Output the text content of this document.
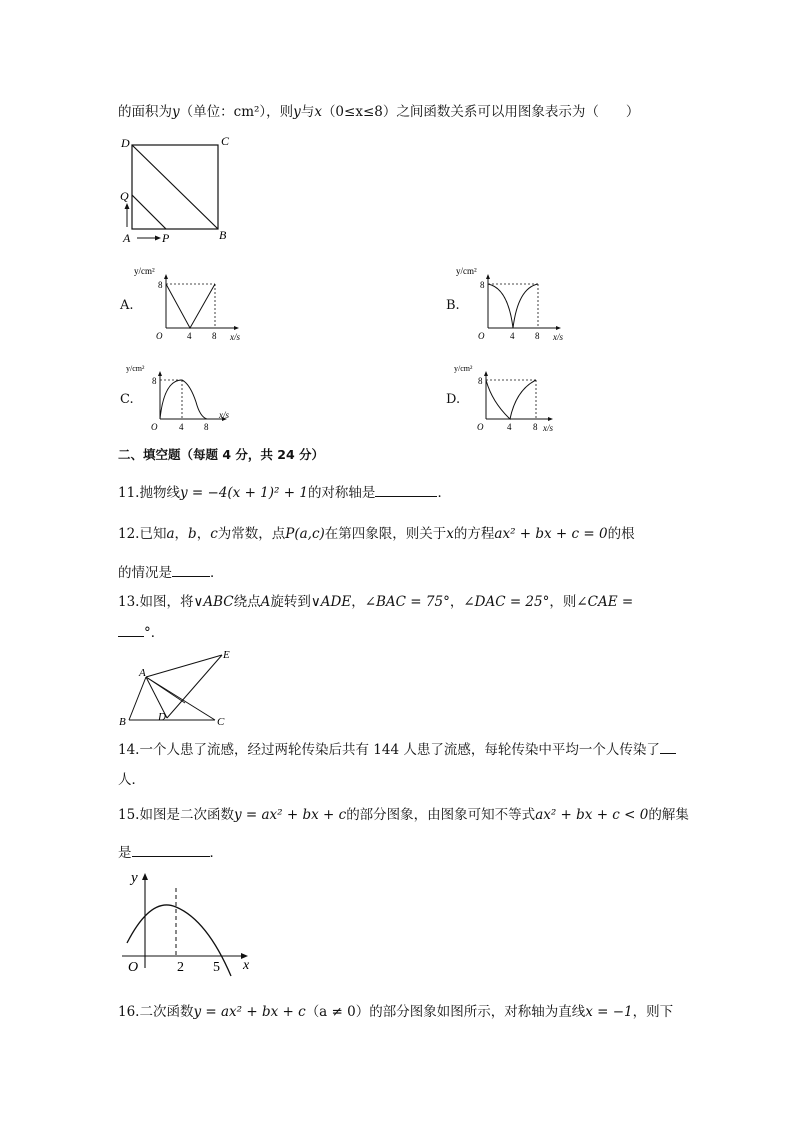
的面积为y（单位：cm²），则y与x（0≤x≤8）之间函数关系可以用图象表示为（　　）
D	C
Q
A	P	B
A.
y/cm²
8
O	4 8 x/s
B.
y/cm²
8
O	4 8 x/s
C.
y/cm²
8
O 4 8
x/s
D.
y/cm²
8
O	4 8 x/s
二、填空题（每题 4 分，共 24 分）
11.抛物线y = −4(x + 1)² + 1的对称轴是	．
12.已知a，b，c为常数，点P(a,c)在第四象限，则关于x的方程ax² + bx + c = 0的根
的情况是	．
13.如图，将∨ABC绕点A旋转到∨ADE，∠BAC = 75°，∠DAC = 25°，则∠CAE =
°．
A
E
B	D	C
14.一个人患了流感，经过两轮传染后共有 144 人患了流感，每轮传染中平均一个人传染了
人．
15.如图是二次函数y = ax² + bx + c的部分图象，由图象可知不等式ax² + bx + c < 0的解集
是	．
y
O	2 5 x
16.二次函数y = ax² + bx + c（a ≠ 0）的部分图象如图所示，对称轴为直线x = −1，则下
